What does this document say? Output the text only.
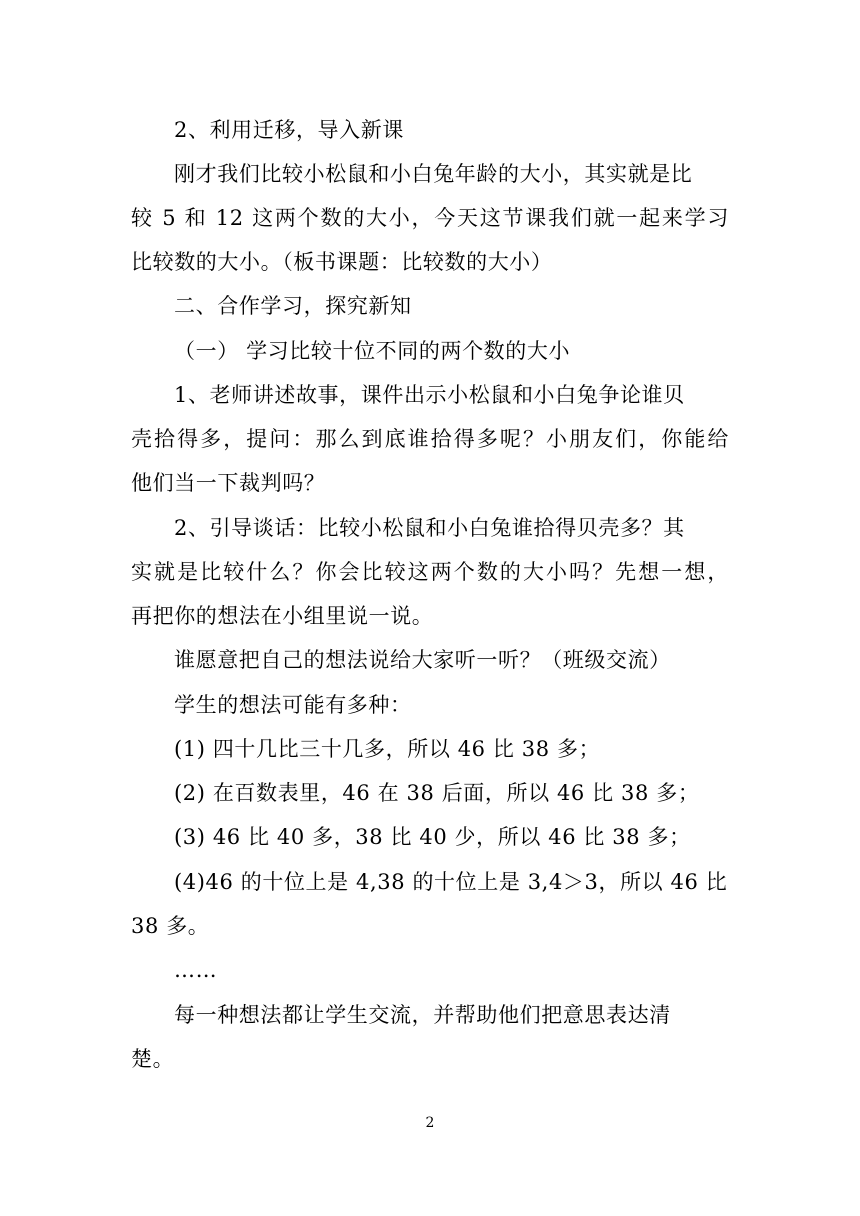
2、利用迁移，导入新课
刚才我们比较小松鼠和小白兔年龄的大小，其实就是比
较 5 和 12 这两个数的大小，今天这节课我们就一起来学习
比较数的大小。（板书课题：比较数的大小）
二、合作学习，探究新知
（一） 学习比较十位不同的两个数的大小
1、老师讲述故事，课件出示小松鼠和小白兔争论谁贝
壳拾得多，提问：那么到底谁拾得多呢？小朋友们，你能给
他们当一下裁判吗？
2、引导谈话：比较小松鼠和小白兔谁拾得贝壳多？其
实就是比较什么？你会比较这两个数的大小吗？先想一想，
再把你的想法在小组里说一说。
谁愿意把自己的想法说给大家听一听？（班级交流）
学生的想法可能有多种：
(1) 四十几比三十几多，所以 46 比 38 多；
(2) 在百数表里，46 在 38 后面，所以 46 比 38 多；
(3) 46 比 40 多，38 比 40 少，所以 46 比 38 多；
(4)46 的十位上是 4,38 的十位上是 3,4＞3，所以 46 比
38 多。
……
每一种想法都让学生交流，并帮助他们把意思表达清
楚。
2
